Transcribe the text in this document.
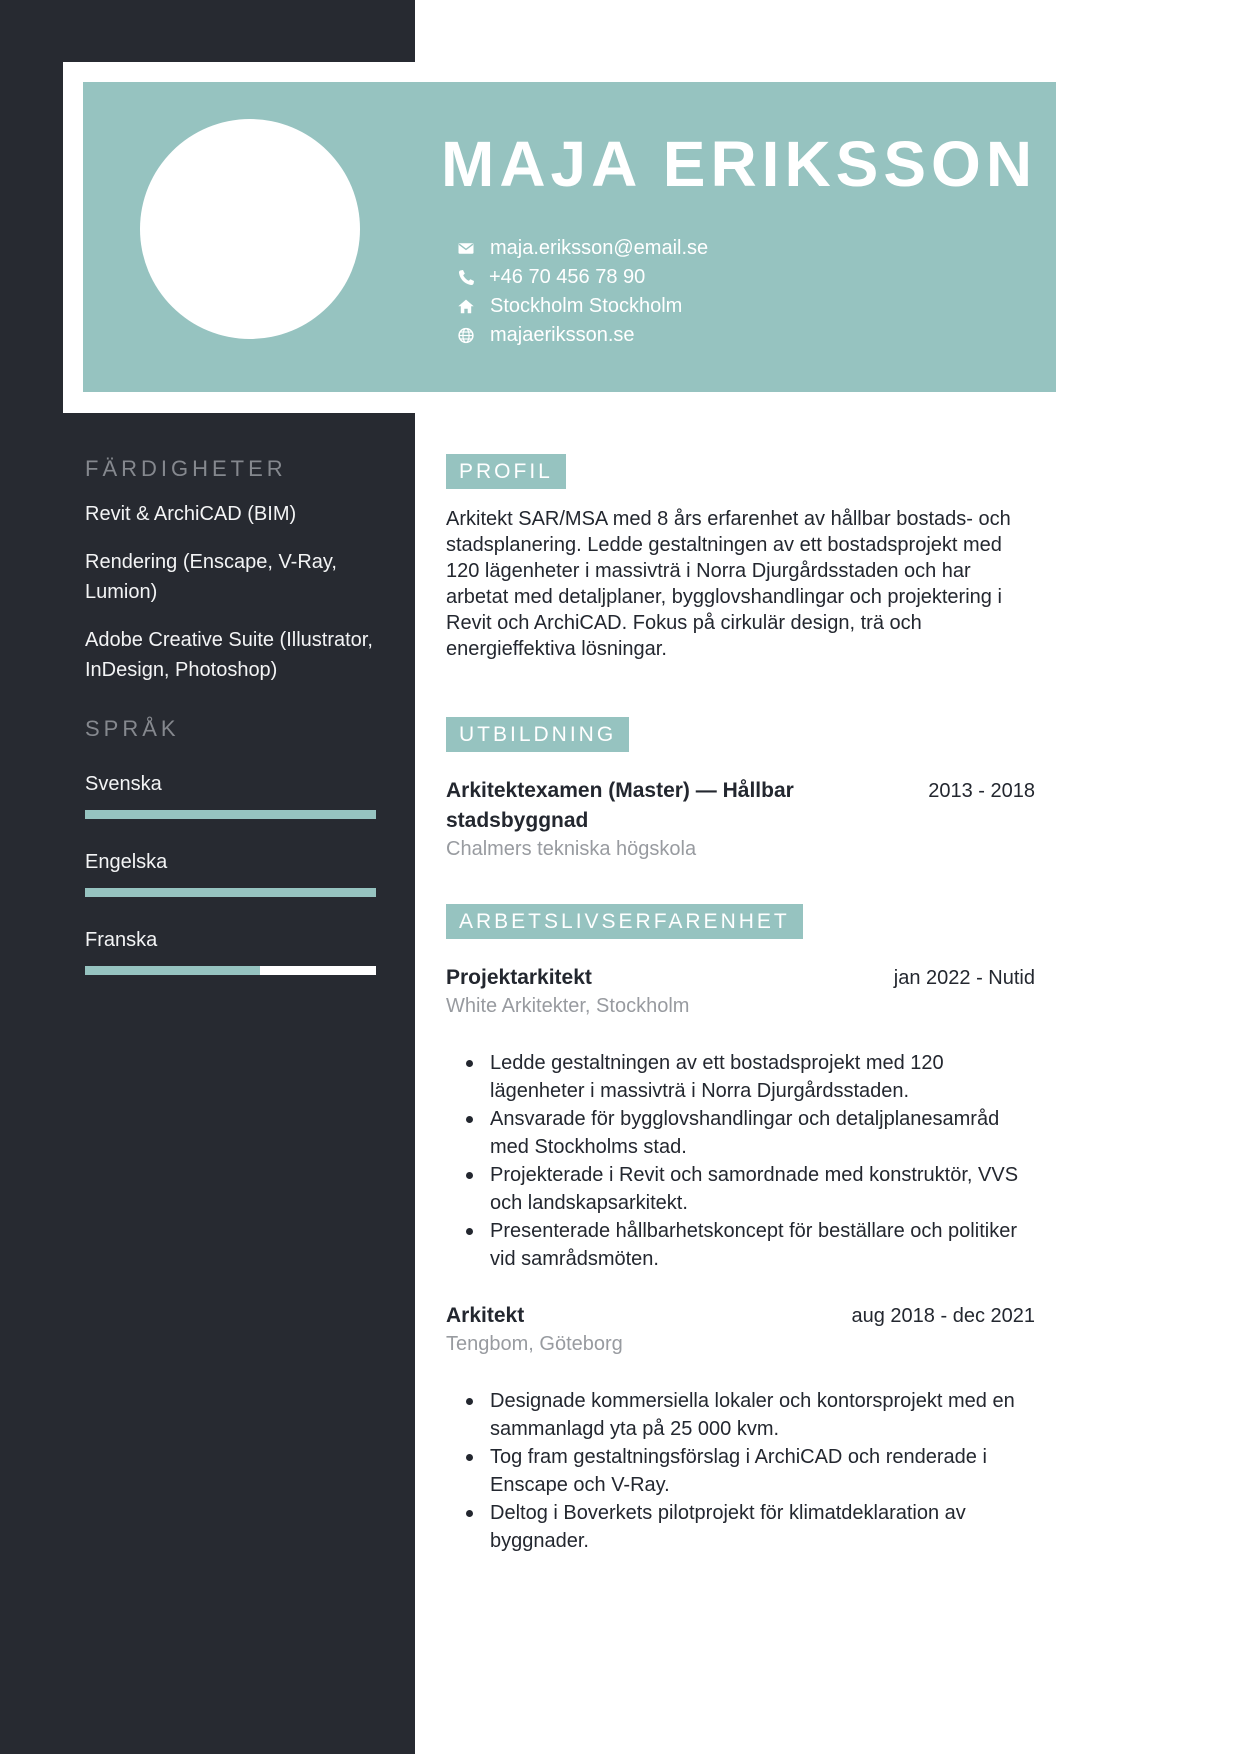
MAJA ERIKSSON
maja.eriksson@email.se
+46 70 456 78 90
Stockholm Stockholm
majaeriksson.se
FÄRDIGHETER

Revit & ArchiCAD (BIM)

Rendering (Enscape, V-Ray, Lumion)

Adobe Creative Suite (Illustrator, InDesign, Photoshop)

SPRÅK

Svenska

Engelska

Franska

PROFIL

Arkitekt SAR/MSA med 8 års erfarenhet av hållbar bostads- och stadsplanering. Ledde gestaltningen av ett bostadsprojekt med 120 lägenheter i massivträ i Norra Djurgårdsstaden och har arbetat med detaljplaner, bygglovshandlingar och projektering i Revit och ArchiCAD. Fokus på cirkulär design, trä och energieffektiva lösningar.

UTBILDNING
Arkitektexamen (Master) — Hållbar stadsbyggnad
2013 - 2018

Chalmers tekniska högskola

ARBETSLIVSERFARENHET
Projektarkitekt	jan 2022 - Nutid

White Arkitekter, Stockholm

Ledde gestaltningen av ett bostadsprojekt med 120 lägenheter i massivträ i Norra Djurgårdsstaden.
Ansvarade för bygglovshandlingar och detaljplanesamråd med Stockholms stad.
Projekterade i Revit och samordnade med konstruktör, VVS och landskapsarkitekt.
Presenterade hållbarhetskoncept för beställare och politiker vid samrådsmöten.
Arkitekt	aug 2018 - dec 2021

Tengbom, Göteborg

Designade kommersiella lokaler och kontorsprojekt med en sammanlagd yta på 25 000 kvm.
Tog fram gestaltningsförslag i ArchiCAD och renderade i Enscape och V-Ray.
Deltog i Boverkets pilotprojekt för klimatdeklaration av byggnader.
